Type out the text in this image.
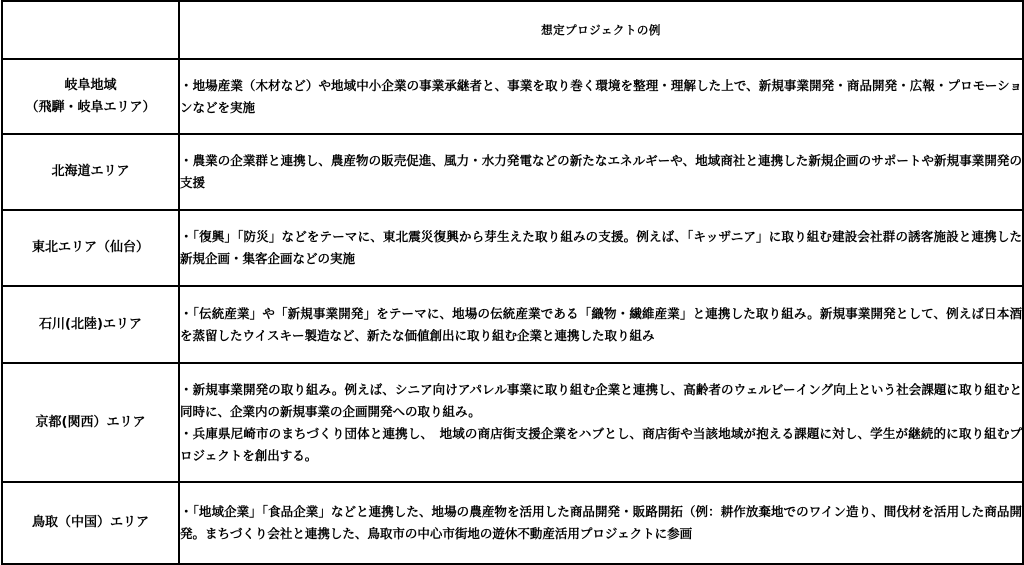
	想定プロジェクトの例

岐阜地域
（飛騨・岐阜エリア）	・地場産業（木材など）や地域中小企業の事業承継者と、事業を取り巻く環境を整理・理解した上で、新規事業開発・商品開発・広報・プロモーションなどを実施

北海道エリア	・農業の企業群と連携し、農産物の販売促進、風力・水力発電などの新たなエネルギーや、地域商社と連携した新規企画のサポートや新規事業開発の支援

東北エリア（仙台）	・「復興」「防災」などをテーマに、東北震災復興から芽生えた取り組みの支援。例えば、「キッザニア」に取り組む建設会社群の誘客施設と連携した新規企画・集客企画などの実施

石川(北陸)エリア	・「伝統産業」や「新規事業開発」をテーマに、地場の伝統産業である「織物・繊維産業」と連携した取り組み。新規事業開発として、例えば日本酒を蒸留したウイスキー製造など、新たな価値創出に取り組む企業と連携した取り組み

京都(関西）エリア	・新規事業開発の取り組み。例えば、シニア向けアパレル事業に取り組む企業と連携し、高齢者のウェルビーイング向上という社会課題に取り組むと同時に、企業内の新規事業の企画開発への取り組み。

・兵庫県尼崎市のまちづくり団体と連携し、　地域の商店街支援企業をハブとし、商店街や当該地域が抱える課題に対し、学生が継続的に取り組むプロジェクトを創出する。

鳥取（中国）エリア	・「地域企業」「食品企業」などと連携した、地場の農産物を活用した商品開発・販路開拓（例：耕作放棄地でのワイン造り、間伐材を活用した商品開発。まちづくり会社と連携した、鳥取市の中心市街地の遊休不動産活用プロジェクトに参画
